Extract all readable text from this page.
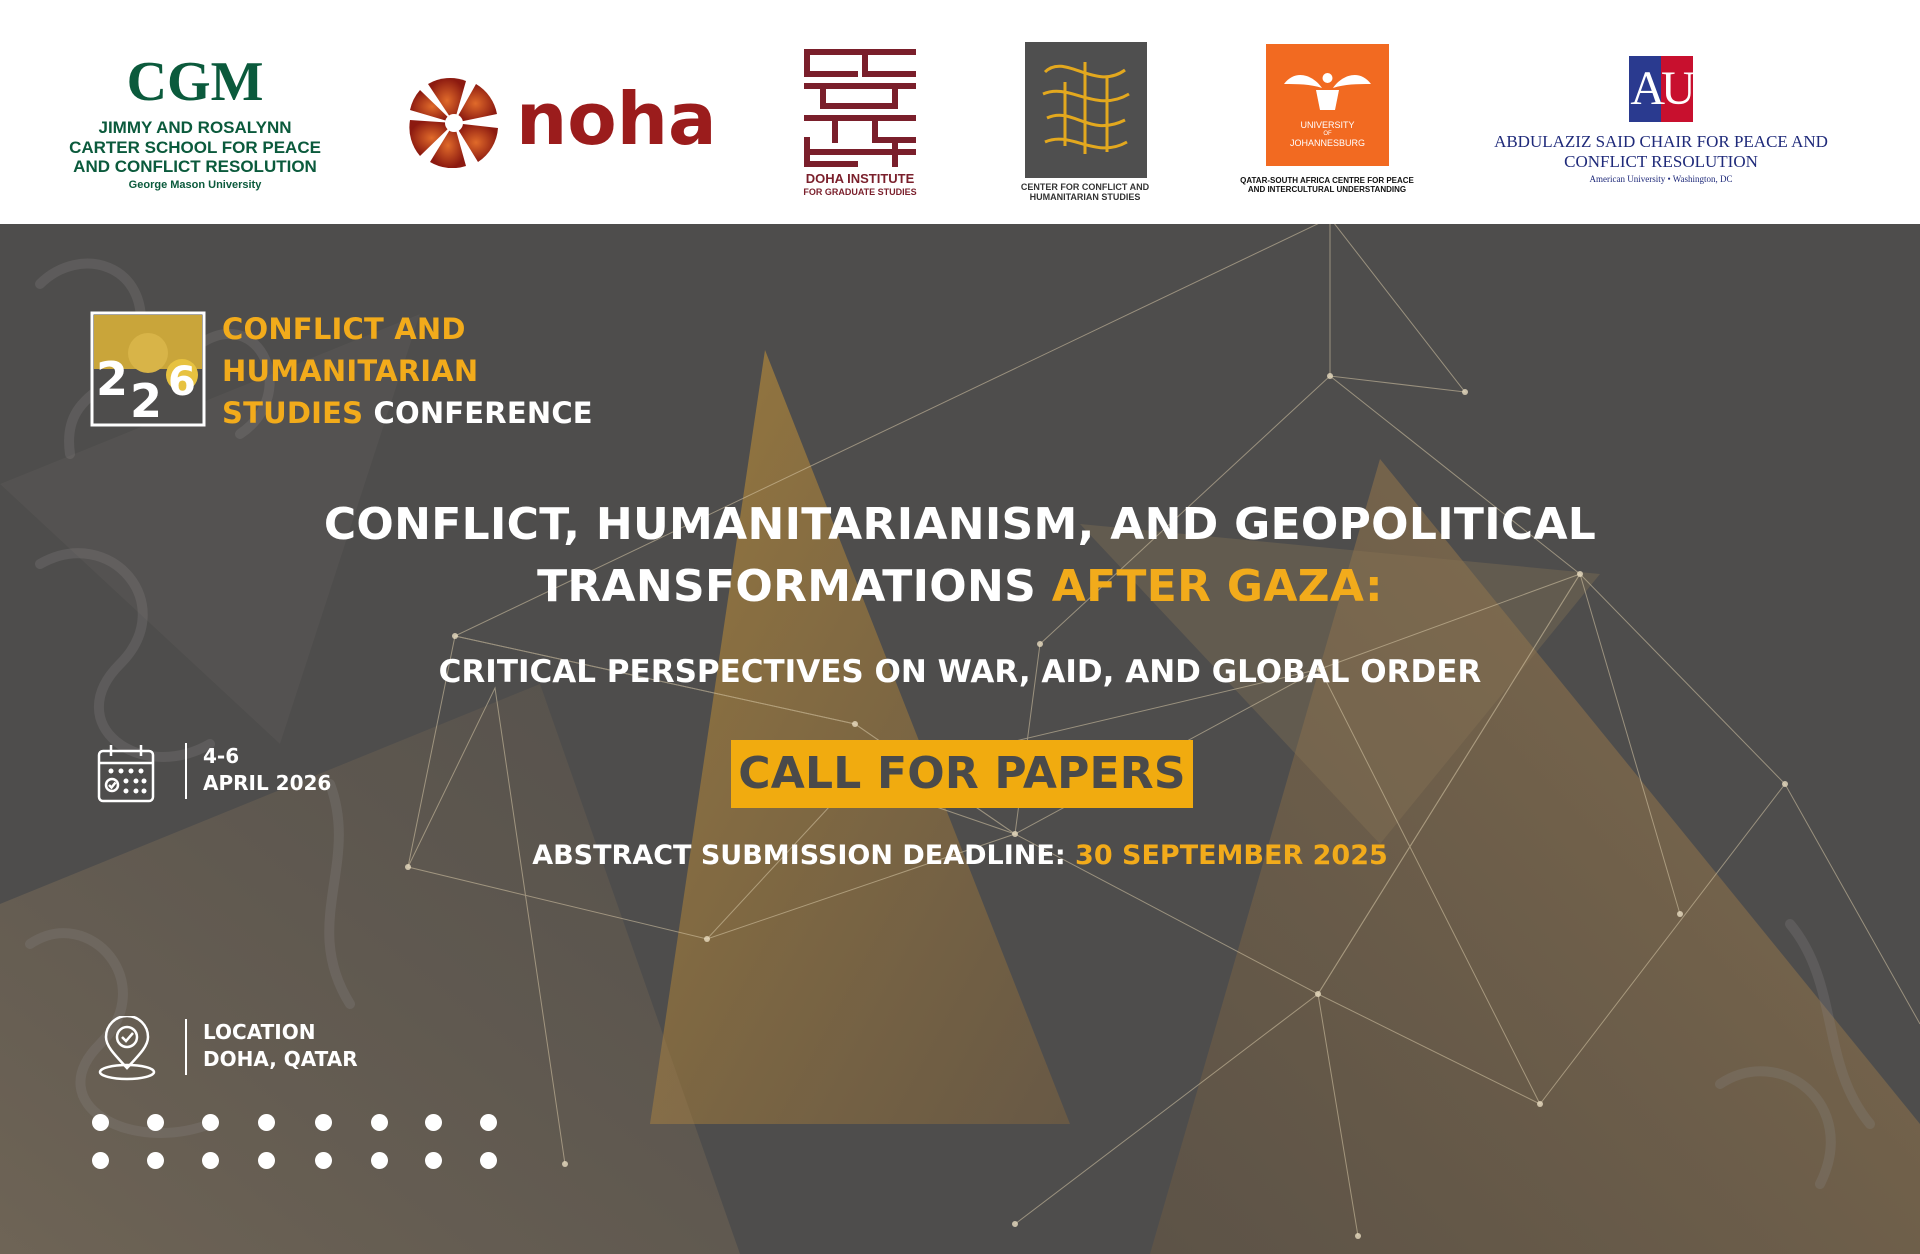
CGM
JIMMY AND ROSALYNN
CARTER SCHOOL FOR PEACE
AND CONFLICT RESOLUTION
George Mason University
noha
DOHA INSTITUTE
FOR GRADUATE STUDIES	CENTER FOR CONFLICT AND
HUMANITARIAN STUDIES
UNIVERSITY
OF
JOHANNESBURG
QATAR-SOUTH AFRICA CENTRE FOR PEACE
AND INTERCULTURAL UNDERSTANDING
AU
ABDULAZIZ SAID CHAIR FOR PEACE AND
CONFLICT RESOLUTION
American University • Washington, DC
2 2 6
CONFLICT AND
HUMANITARIAN
STUDIES CONFERENCE
CONFLICT, HUMANITARIANISM, AND GEOPOLITICAL
TRANSFORMATIONS AFTER GAZA:
CRITICAL PERSPECTIVES ON WAR, AID, AND GLOBAL ORDER
CALL FOR PAPERS
ABSTRACT SUBMISSION DEADLINE: 30 SEPTEMBER 2025
4-6
APRIL 2026
LOCATION
DOHA, QATAR
